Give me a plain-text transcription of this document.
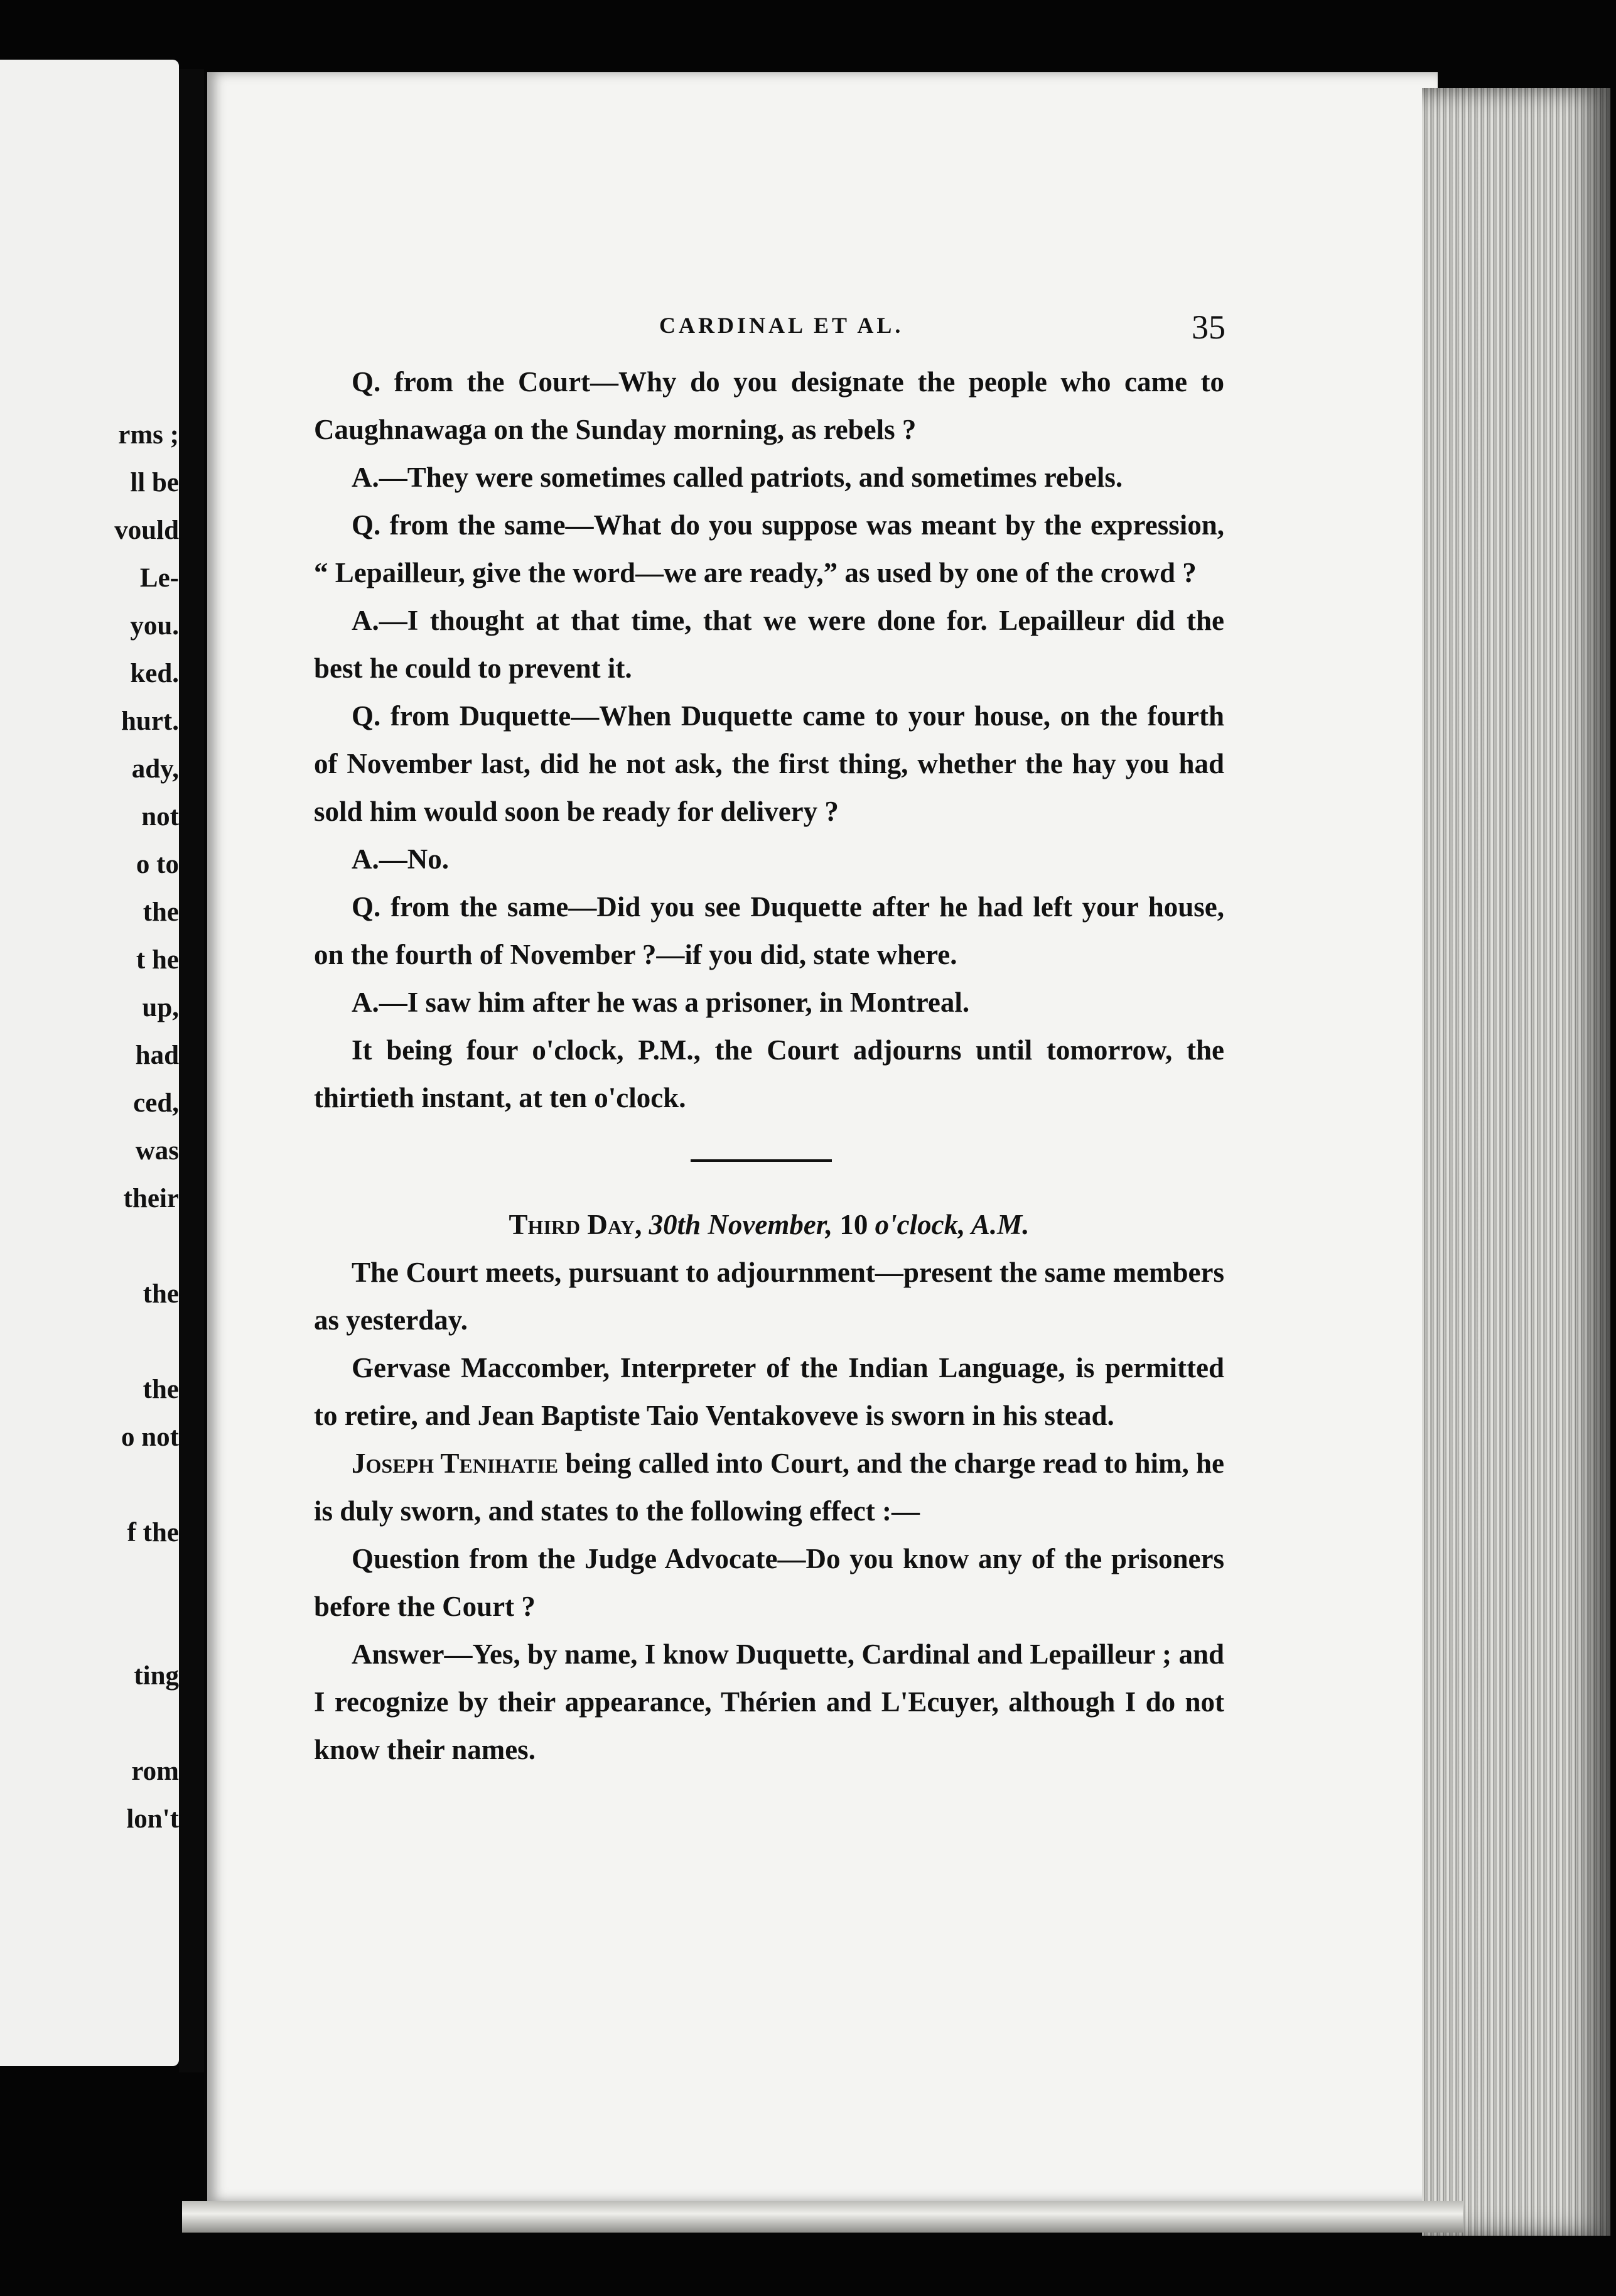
rms ;
ll be
vould
Le-
you.
ked.
hurt.
ady,
not
o to
the
t he
up,
had
ced,
was
their

the

the
o not

f the

ting

rom
lon't
CARDINAL ET AL.	35

Q. from the Court—Why do you designate the people who came to Caughnawaga on the Sunday morning, as rebels ?

A.—They were sometimes called patriots, and sometimes rebels.

Q. from the same—What do you suppose was meant by the expression, “ Lepailleur, give the word—we are ready,” as used by one of the crowd ?

A.—I thought at that time, that we were done for. Lepailleur did the best he could to prevent it.

Q. from Duquette—When Duquette came to your house, on the fourth of November last, did he not ask, the first thing, whether the hay you had sold him would soon be ready for delivery ?

A.—No.

Q. from the same—Did you see Duquette after he had left your house, on the fourth of November ?—if you did, state where.

A.—I saw him after he was a prisoner, in Montreal.

It being four o'clock, P.M., the Court adjourns until tomorrow, the thirtieth instant, at ten o'clock.

Third Day, 30th November, 10 o'clock, A.M.

The Court meets, pursuant to adjournment—present the same members as yesterday.

Gervase Maccomber, Interpreter of the Indian Language, is permitted to retire, and Jean Baptiste Taio Ventakoveve is sworn in his stead.

Joseph Tenihatie being called into Court, and the charge read to him, he is duly sworn, and states to the following effect :—

Question from the Judge Advocate—Do you know any of the prisoners before the Court ?

Answer—Yes, by name, I know Duquette, Cardinal and Lepailleur ; and I recognize by their appearance, Thérien and L'Ecuyer, although I do not know their names.
